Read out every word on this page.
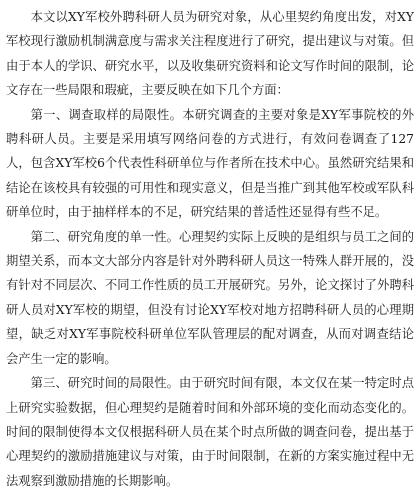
本文以XY军校外聘科研人员为研究对象，从心里契约角度出发，对XY军校现行激励机制满意度与需求关注程度进行了研究，提出建议与对策。但由于本人的学识、研究水平，以及收集研究资料和论文写作时间的限制，论文存在一些局限和瑕疵，主要反映在如下几个方面：

第一、调查取样的局限性。本研究调查的主要对象是XY军事院校的外聘科研人员。主要是采用填写网络问卷的方式进行，有效问卷调查了127人，包含XY军校6个代表性科研单位与作者所在技术中心。虽然研究结果和结论在该校具有较强的可用性和现实意义，但是当推广到其他军校或军队科研单位时，由于抽样样本的不足，研究结果的普适性还显得有些不足。

第二、研究角度的单一性。心理契约实际上反映的是组织与员工之间的期望关系，而本文大部分内容是针对外聘科研人员这一特殊人群开展的，没有针对不同层次、不同工作性质的员工开展研究。另外，论文探讨了外聘科研人员对XY军校的期望，但没有讨论XY军校对地方招聘科研人员的心理期望，缺乏对XY军事院校科研单位军队管理层的配对调查，从而对调查结论会产生一定的影响。

第三、研究时间的局限性。由于研究时间有限，本文仅在某一特定时点上研究实验数据，但心理契约是随着时间和外部环境的变化而动态变化的。时间的限制使得本文仅根据科研人员在某个时点所做的调查问卷，提出基于心理契约的激励措施建议与对策，由于时间限制，在新的方案实施过程中无法观察到激励措施的长期影响。
